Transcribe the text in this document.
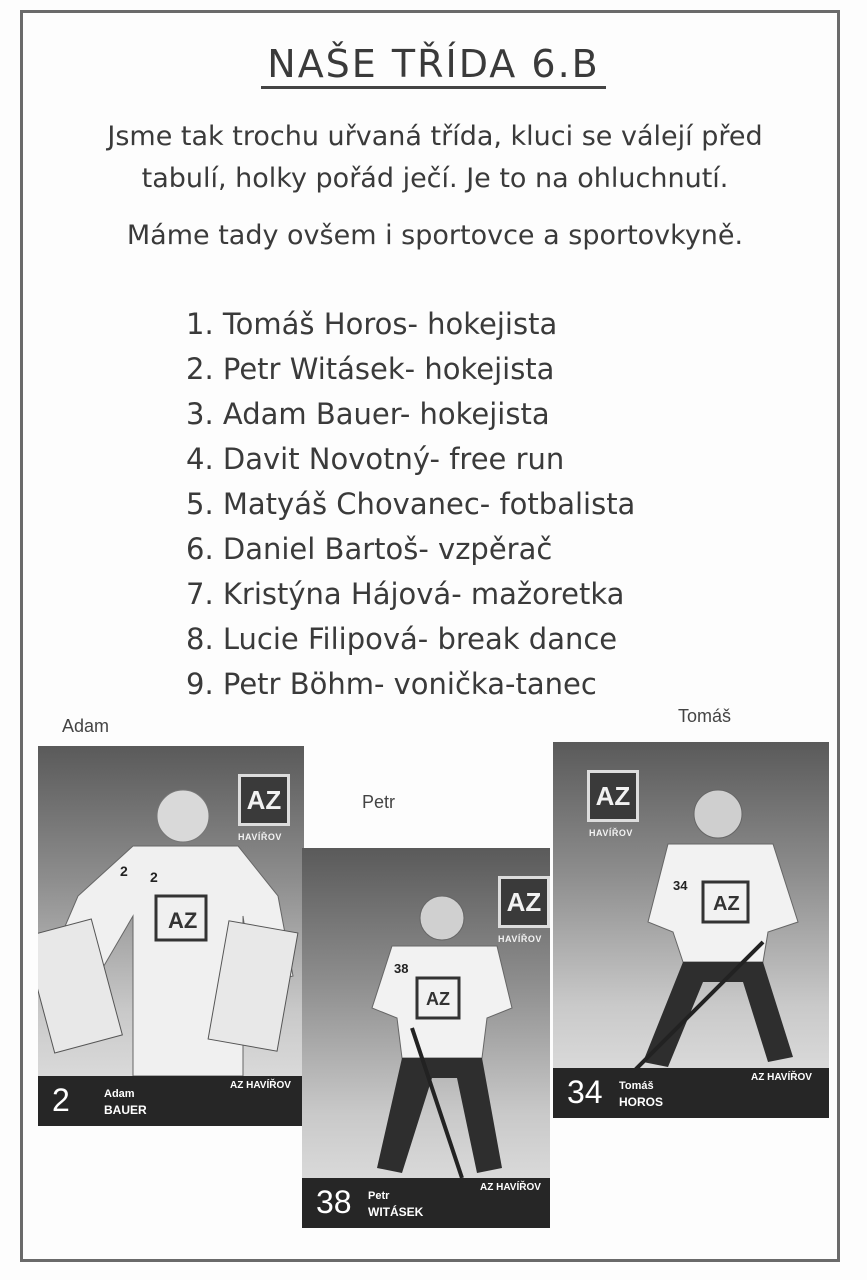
NAŠE TŘÍDA 6.B
Jsme tak trochu uřvaná třída, kluci se válejí před
tabulí, holky pořád ječí. Je to na ohluchnutí.
Máme tady ovšem i sportovce a sportovkyně.
1. Tomáš Horos- hokejista
2. Petr Witásek- hokejista
3. Adam Bauer- hokejista
4. Davit Novotný- free run
5. Matyáš Chovanec- fotbalista
6. Daniel Bartoš- vzpěrač
7. Kristýna Hájová- mažoretka
8. Lucie Filipová- break dance
9. Petr Böhm- vonička-tanec
Adam
Petr
Tomáš
AZ
HAVÍŘOV
AZ
2 2
2	Adam
BAUER
AZ HAVÍŘOV
AZ
HAVÍŘOV
AZ
34
34 Tomáš
HOROS
AZ HAVÍŘOV
AZ
HAVÍŘOV
AZ
38
38 Petr
WITÁSEK
AZ HAVÍŘOV
